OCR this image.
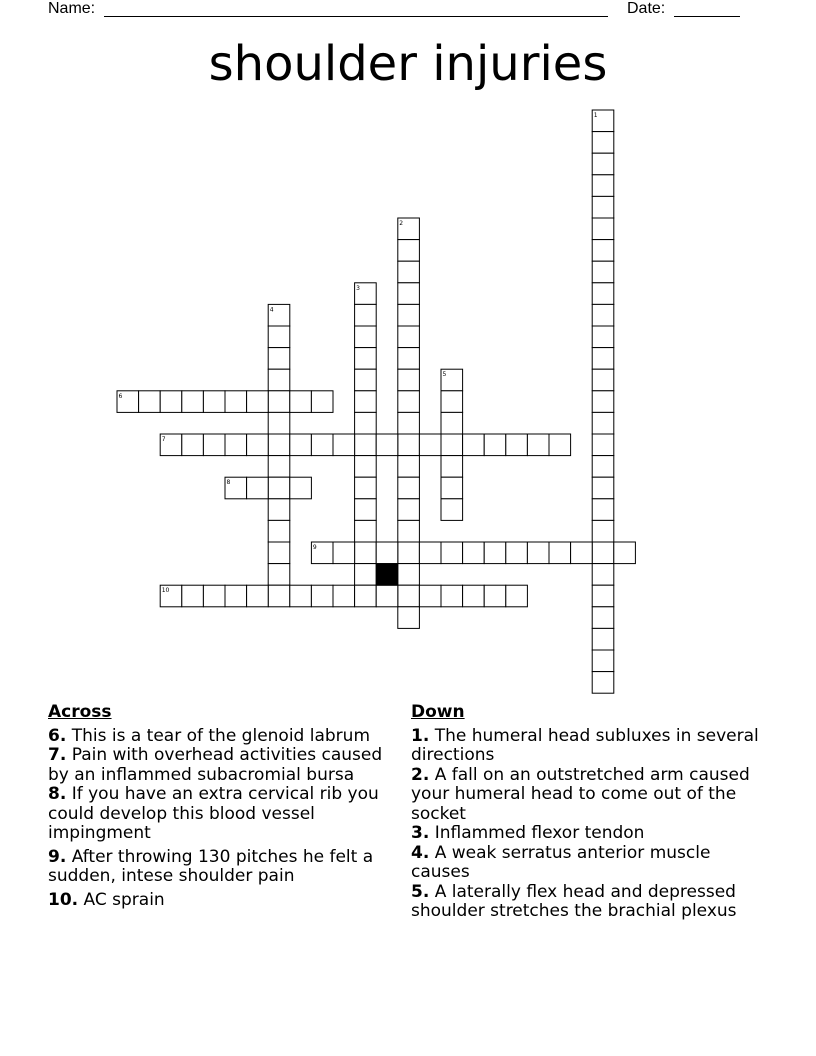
Name:	Date:
shoulder injuries
1
2
3
4
5
6
7
8
9
10
Across

6. This is a tear of the glenoid labrum

7. Pain with overhead activities caused by an inflammed subacromial bursa

8. If you have an extra cervical rib you could develop this blood vessel impingment

9. After throwing 130 pitches he felt a sudden, intese shoulder pain

10. AC sprain

Down

1. The humeral head subluxes in several directions

2. A fall on an outstretched arm caused your humeral head to come out of the socket

3. Inflammed flexor tendon

4. A weak serratus anterior muscle causes

5. A laterally flex head and depressed shoulder stretches the brachial plexus
